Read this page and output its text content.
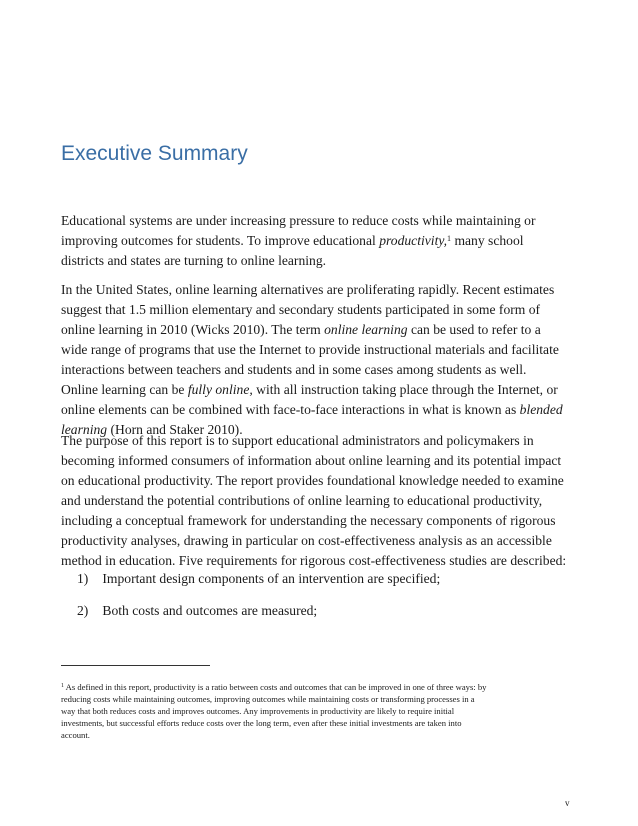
Executive Summary

Educational systems are under increasing pressure to reduce costs while maintaining or
improving outcomes for students. To improve educational productivity,$^1$ many school
districts and states are turning to online learning.

In the United States, online learning alternatives are proliferating rapidly. Recent estimates
suggest that 1.5 million elementary and secondary students participated in some form of
online learning in 2010 (Wicks 2010). The term online learning can be used to refer to a
wide range of programs that use the Internet to provide instructional materials and facilitate
interactions between teachers and students and in some cases among students as well.
Online learning can be fully online, with all instruction taking place through the Internet, or
online elements can be combined with face-to-face interactions in what is known as blended
learning (Horn and Staker 2010).

The purpose of this report is to support educational administrators and policymakers in
becoming informed consumers of information about online learning and its potential impact
on educational productivity. The report provides foundational knowledge needed to examine
and understand the potential contributions of online learning to educational productivity,
including a conceptual framework for understanding the necessary components of rigorous
productivity analyses, drawing in particular on cost-effectiveness analysis as an accessible
method in education. Five requirements for rigorous cost-effectiveness studies are described:

1) Important design components of an intervention are specified;
2) Both costs and outcomes are measured;
$^1$ As defined in this report, productivity is a ratio between costs and outcomes that can be improved in one of three ways: by
reducing costs while maintaining outcomes, improving outcomes while maintaining costs or transforming processes in a
way that both reduces costs and improves outcomes. Any improvements in productivity are likely to require initial
investments, but successful efforts reduce costs over the long term, even after these initial investments are taken into
account.
v
